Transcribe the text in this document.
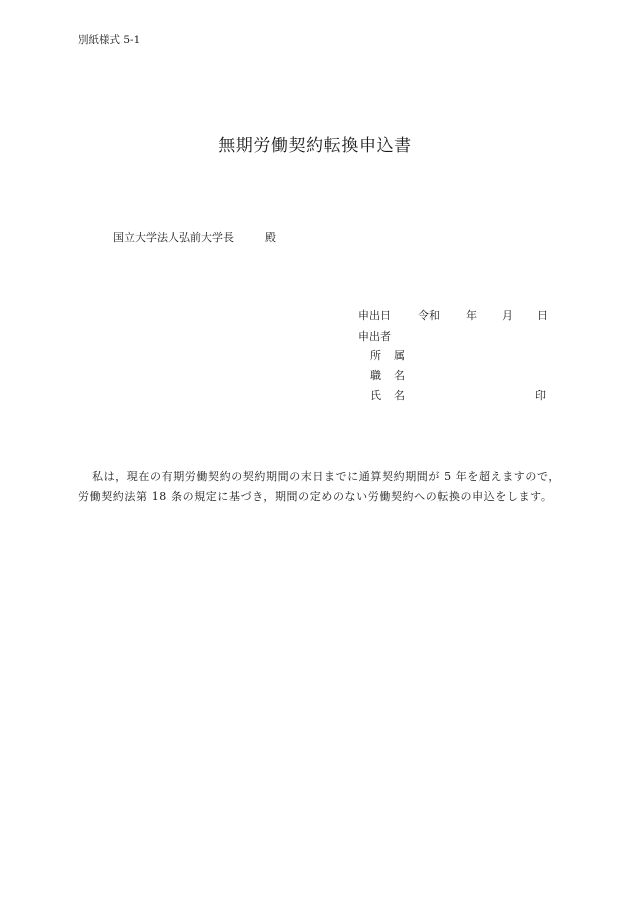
別紙様式 5-1
無期労働契約転換申込書
国立大学法人弘前大学長	殿
申出日 令和 年 月 日
申出者
所　属
職　名
氏　名	印
私は，現在の有期労働契約の契約期間の末日までに通算契約期間が 5 年を超えますので，
労働契約法第 18 条の規定に基づき，期間の定めのない労働契約への転換の申込をします。
